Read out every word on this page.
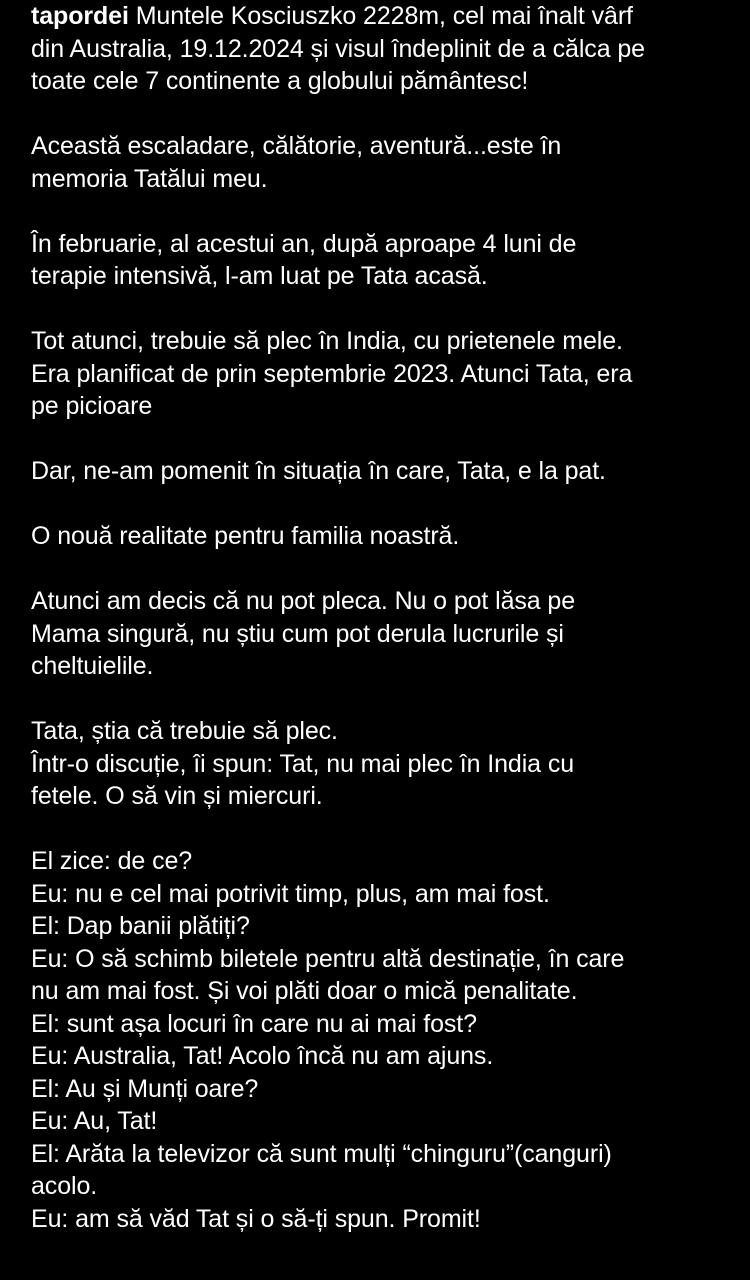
tapordei Muntele Kosciuszko 2228m, cel mai înalt vârf
din Australia, 19.12.2024 și visul îndeplinit de a călca pe
toate cele 7 continente a globului pământesc!
Această escaladare, călătorie, aventură...este în
memoria Tatălui meu.
În februarie, al acestui an, după aproape 4 luni de
terapie intensivă, l-am luat pe Tata acasă.
Tot atunci, trebuie să plec în India, cu prietenele mele.
Era planificat de prin septembrie 2023. Atunci Tata, era
pe picioare
Dar, ne-am pomenit în situația în care, Tata, e la pat.
O nouă realitate pentru familia noastră.
Atunci am decis că nu pot pleca. Nu o pot lăsa pe
Mama singură, nu știu cum pot derula lucrurile și
cheltuielile.
Tata, știa că trebuie să plec.
Într-o discuție, îi spun: Tat, nu mai plec în India cu
fetele. O să vin și miercuri.
El zice: de ce?
Eu: nu e cel mai potrivit timp, plus, am mai fost.
El: Dap banii plătiți?
Eu: O să schimb biletele pentru altă destinație, în care
nu am mai fost. Și voi plăti doar o mică penalitate.
El: sunt așa locuri în care nu ai mai fost?
Eu: Australia, Tat! Acolo încă nu am ajuns.
El: Au și Munți oare?
Eu: Au, Tat!
El: Arăta la televizor că sunt mulți “chinguru”(canguri)
acolo.
Eu: am să văd Tat și o să-ți spun. Promit!
